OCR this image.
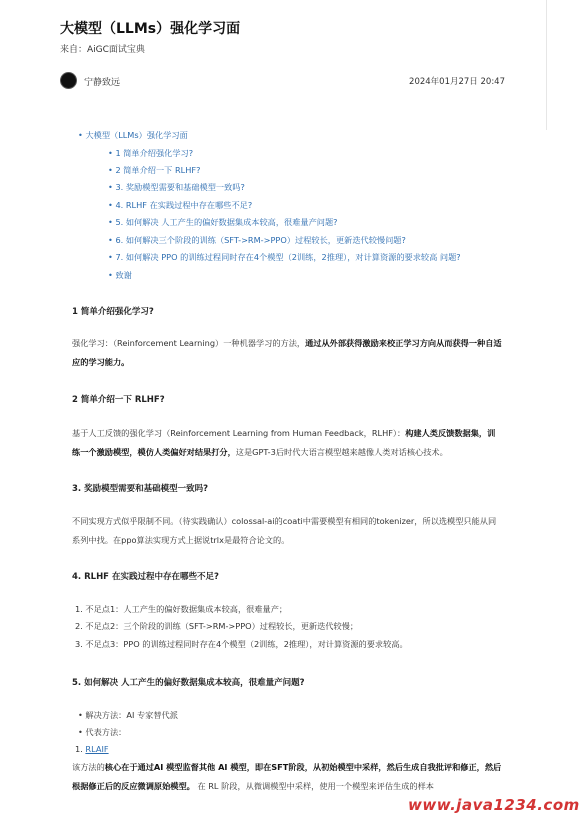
大模型（LLMs）强化学习面
来自：AiGC面试宝典
宁静致远	2024年01月27日 20:47
• 大模型（LLMs）强化学习面
• 1 简单介绍强化学习?
• 2 简单介绍一下 RLHF?
• 3. 奖励模型需要和基础模型一致吗?
• 4. RLHF 在实践过程中存在哪些不足?
• 5. 如何解决 人工产生的偏好数据集成本较高，很难量产问题?
• 6. 如何解决三个阶段的训练（SFT->RM->PPO）过程较长，更新迭代较慢问题?
• 7. 如何解决 PPO 的训练过程同时存在4个模型（2训练，2推理），对计算资源的要求较高 问题?
• 致谢
1 简单介绍强化学习?
强化学习：（Reinforcement Learning）一种机器学习的方法，通过从外部获得激励来校正学习方向从而获得一种自适应的学习能力。
2 简单介绍一下 RLHF?
基于人工反馈的强化学习（Reinforcement Learning from Human Feedback，RLHF）：构建人类反馈数据集，训练一个激励模型，模仿人类偏好对结果打分，这是GPT-3后时代大语言模型越来越像人类对话核心技术。
3. 奖励模型需要和基础模型一致吗?
不同实现方式似乎限制不同。（待实践确认）colossal-ai的coati中需要模型有相同的tokenizer，所以选模型只能从同系列中找。在ppo算法实现方式上据说trlx是最符合论文的。
4. RLHF 在实践过程中存在哪些不足?
1. 不足点1：人工产生的偏好数据集成本较高，很难量产；
2. 不足点2：三个阶段的训练（SFT->RM->PPO）过程较长，更新迭代较慢；
3. 不足点3：PPO 的训练过程同时存在4个模型（2训练，2推理），对计算资源的要求较高。
5. 如何解决 人工产生的偏好数据集成本较高，很难量产问题?
• 解决方法：AI 专家替代派
• 代表方法：
1. RLAIF
该方法的核心在于通过AI 模型监督其他 AI 模型，即在SFT阶段，从初始模型中采样，然后生成自我批评和修正，然后根据修正后的反应微调原始模型。 在 RL 阶段，从微调模型中采样，使用一个模型来评估生成的样本
www.java1234.com
